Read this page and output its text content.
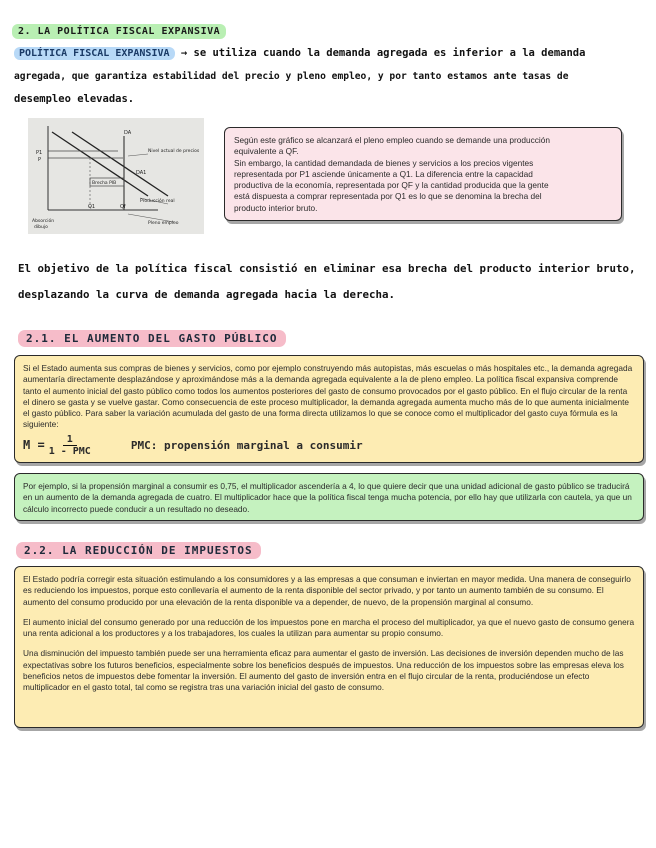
2. LA POLÍTICA FISCAL EXPANSIVA
POLÍTICA FISCAL EXPANSIVA → se utiliza cuando la demanda agregada es inferior a la demanda
agregada, que garantiza estabilidad del precio y pleno empleo, y por tanto estamos ante tasas de
desempleo elevadas.
P1
P
Nivel actual de precios
Brecha PIB
DA
DA1
Producción real
Q1	Qf
Pleno empleo
Absorción
dibujo
Según este gráfico se alcanzará el pleno empleo cuando se demande una producción
equivalente a QF.
Sin embargo, la cantidad demandada de bienes y servicios a los precios vigentes
representada por P1 asciende únicamente a Q1. La diferencia entre la capacidad
productiva de la economía, representada por QF y la cantidad producida que la gente
está dispuesta a comprar representada por Q1 es lo que se denomina la brecha del
producto interior bruto.
El objetivo de la política fiscal consistió en eliminar esa brecha del producto interior bruto,
desplazando la curva de demanda agregada hacia la derecha.
2.1. EL AUMENTO DEL GASTO PÚBLICO

Si el Estado aumenta sus compras de bienes y servicios, como por ejemplo construyendo más autopistas, más escuelas o más hospitales etc., la demanda agregada aumentaría directamente desplazándose y aproximándose más a la demanda agregada equivalente a la de pleno empleo. La política fiscal expansiva comprende tanto el aumento inicial del gasto público como todos los aumentos posteriores del gasto de consumo provocados por el gasto público. En el flujo circular de la renta el dinero se gasta y se vuelve gastar. Como consecuencia de este proceso multiplicador, la demanda agregada aumenta mucho más de lo que aumenta inicialmente el gasto público. Para saber la variación acumulada del gasto de una forma directa utilizamos lo que se conoce como el multiplicador del gasto cuya fórmula es la siguiente:

M =	1
1 - PMC	PMC: propensión marginal a consumir

Por ejemplo, si la propensión marginal a consumir es 0,75, el multiplicador ascendería a 4, lo que quiere decir que una unidad adicional de gasto público se traducirá en un aumento de la demanda agregada de cuatro. El multiplicador hace que la política fiscal tenga mucha potencia, por ello hay que utilizarla con cautela, ya que un cálculo incorrecto puede conducir a un resultado no deseado.

2.2. LA REDUCCIÓN DE IMPUESTOS

El Estado podría corregir esta situación estimulando a los consumidores y a las empresas a que consuman e inviertan en mayor medida. Una manera de conseguirlo es reduciendo los impuestos, porque esto conllevaría el aumento de la renta disponible del sector privado, y por tanto un aumento también de su consumo. El aumento del consumo producido por una elevación de la renta disponible va a depender, de nuevo, de la propensión marginal al consumo.

El aumento inicial del consumo generado por una reducción de los impuestos pone en marcha el proceso del multiplicador, ya que el nuevo gasto de consumo genera una renta adicional a los productores y a los trabajadores, los cuales la utilizan para aumentar su propio consumo.

Una disminución del impuesto también puede ser una herramienta eficaz para aumentar el gasto de inversión. Las decisiones de inversión dependen mucho de las expectativas sobre los futuros beneficios, especialmente sobre los beneficios después de impuestos. Una reducción de los impuestos sobre las empresas eleva los beneficios netos de impuestos debe fomentar la inversión. El aumento del gasto de inversión entra en el flujo circular de la renta, produciéndose un efecto multiplicador en el gasto total, tal como se registra tras una variación inicial del gasto de consumo.
